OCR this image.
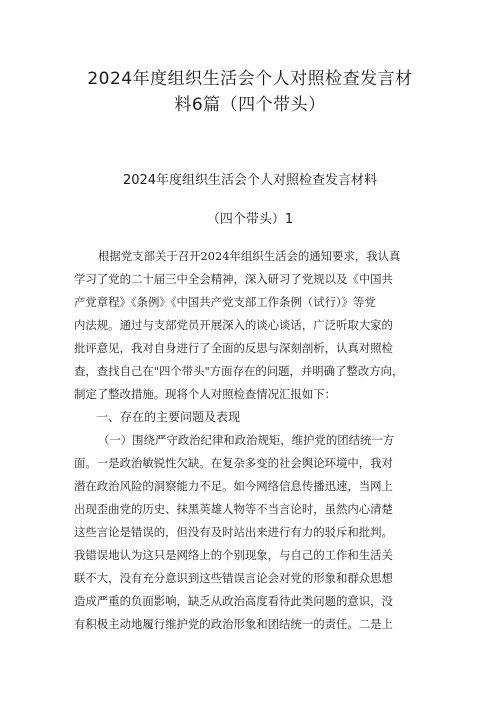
2024年度组织生活会个人对照检查发言材
料6篇（四个带头）
2024年度组织生活会个人对照检查发言材料
（四个带头）1
根据党支部关于召开2024年组织生活会的通知要求，我认真
学习了党的二十届三中全会精神，深入研习了党规以及《中国共
产党章程》《条例》《中国共产党支部工作条例（试行）》等党
内法规。通过与支部党员开展深入的谈心谈话，广泛听取大家的
批评意见，我对自身进行了全面的反思与深刻剖析，认真对照检
查，查找自己在"四个带头"方面存在的问题，并明确了整改方向，
制定了整改措施。现将个人对照检查情况汇报如下：
一、存在的主要问题及表现
（一）围绕严守政治纪律和政治规矩，维护党的团结统一方
面。一是政治敏锐性欠缺。在复杂多变的社会舆论环境中，我对
潜在政治风险的洞察能力不足。如今网络信息传播迅速，当网上
出现歪曲党的历史、抹黑英雄人物等不当言论时，虽然内心清楚
这些言论是错误的，但没有及时站出来进行有力的驳斥和批判。
我错误地认为这只是网络上的个别现象，与自己的工作和生活关
联不大，没有充分意识到这些错误言论会对党的形象和群众思想
造成严重的负面影响，缺乏从政治高度看待此类问题的意识，没
有积极主动地履行维护党的政治形象和团结统一的责任。二是上
